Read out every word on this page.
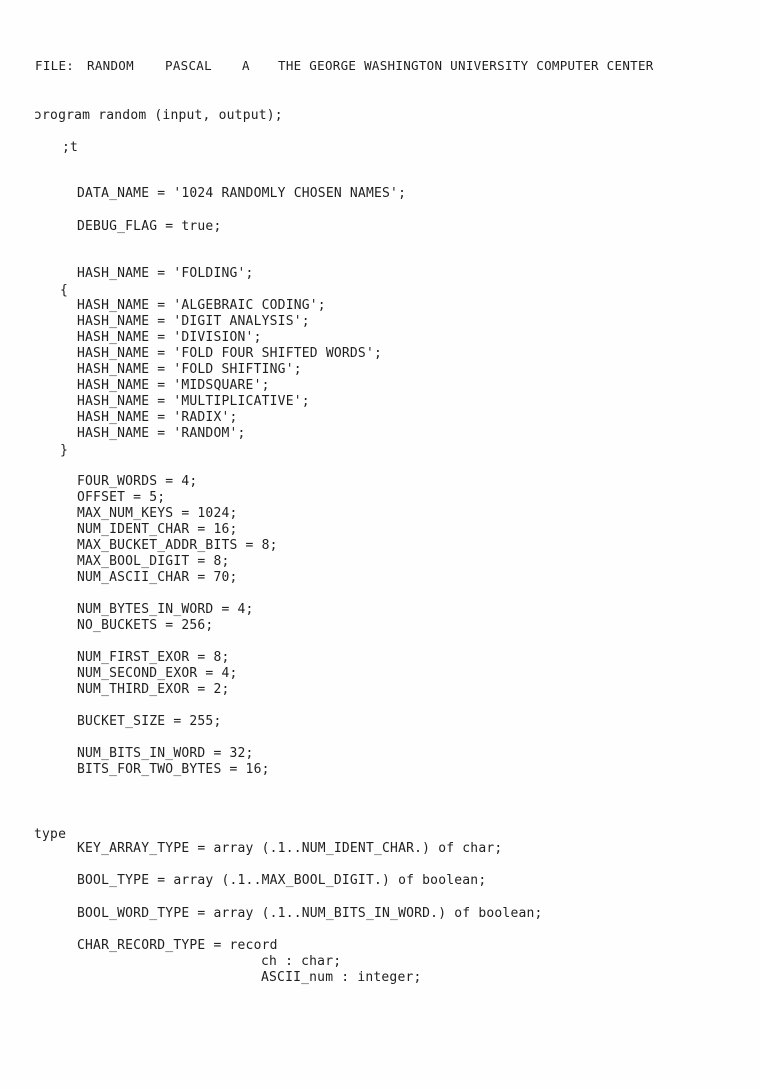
FILE: RANDOM PASCAL A THE GEORGE WASHINGTON UNIVERSITY COMPUTER CENTER
ɔrogram random (input, output);
;t
DATA_NAME = '1024 RANDOMLY CHOSEN NAMES';
DEBUG_FLAG = true;
HASH_NAME = 'FOLDING';
{
HASH_NAME = 'ALGEBRAIC CODING';
HASH_NAME = 'DIGIT ANALYSIS';
HASH_NAME = 'DIVISION';
HASH_NAME = 'FOLD FOUR SHIFTED WORDS';
HASH_NAME = 'FOLD SHIFTING';
HASH_NAME = 'MIDSQUARE';
HASH_NAME = 'MULTIPLICATIVE';
HASH_NAME = 'RADIX';
HASH_NAME = 'RANDOM';
}
FOUR_WORDS = 4;
OFFSET = 5;
MAX_NUM_KEYS = 1024;
NUM_IDENT_CHAR = 16;
MAX_BUCKET_ADDR_BITS = 8;
MAX_BOOL_DIGIT = 8;
NUM_ASCII_CHAR = 70;
NUM_BYTES_IN_WORD = 4;
NO_BUCKETS = 256;
NUM_FIRST_EXOR = 8;
NUM_SECOND_EXOR = 4;
NUM_THIRD_EXOR = 2;
BUCKET_SIZE = 255;
NUM_BITS_IN_WORD = 32;
BITS_FOR_TWO_BYTES = 16;
type
KEY_ARRAY_TYPE = array (.1..NUM_IDENT_CHAR.) of char;
BOOL_TYPE = array (.1..MAX_BOOL_DIGIT.) of boolean;
BOOL_WORD_TYPE = array (.1..NUM_BITS_IN_WORD.) of boolean;
CHAR_RECORD_TYPE = record
ch : char;
ASCII_num : integer;
